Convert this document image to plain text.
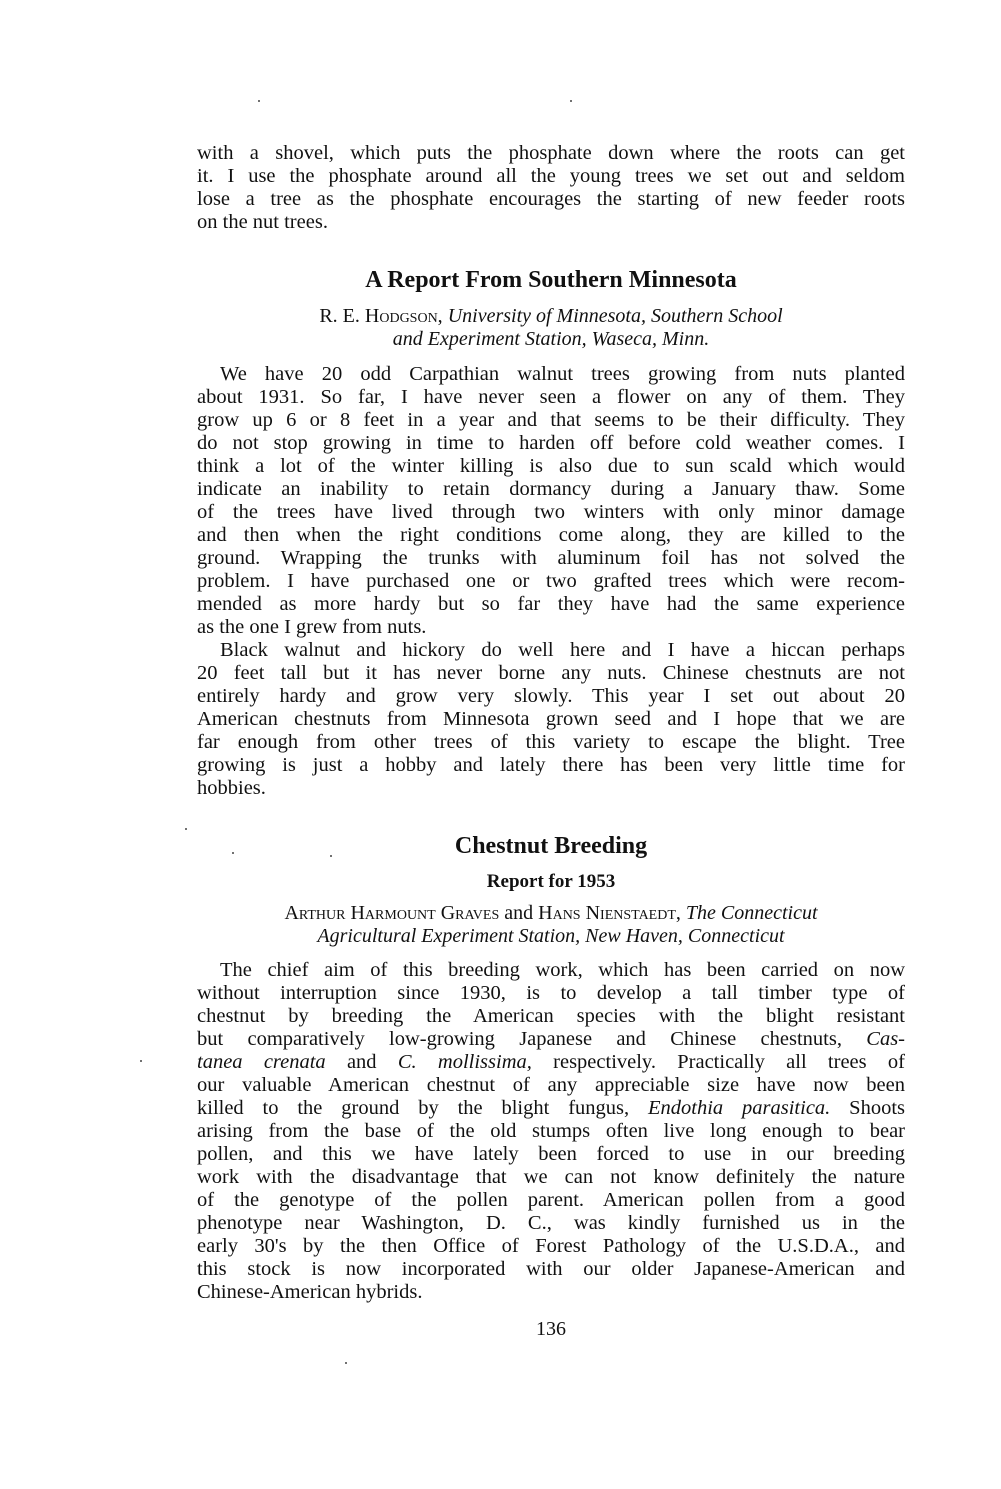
with a shovel, which puts the phosphate down where the roots can get
it. I use the phosphate around all the young trees we set out and seldom
lose a tree as the phosphate encourages the starting of new feeder roots
on the nut trees.
A Report From Southern Minnesota
R. E. Hodgson, University of Minnesota, Southern School
and Experiment Station, Waseca, Minn.
We have 20 odd Carpathian walnut trees growing from nuts planted
about 1931. So far, I have never seen a flower on any of them. They
grow up 6 or 8 feet in a year and that seems to be their difficulty. They
do not stop growing in time to harden off before cold weather comes. I
think a lot of the winter killing is also due to sun scald which would
indicate an inability to retain dormancy during a January thaw. Some
of the trees have lived through two winters with only minor damage
and then when the right conditions come along, they are killed to the
ground. Wrapping the trunks with aluminum foil has not solved the
problem. I have purchased one or two grafted trees which were recom-
mended as more hardy but so far they have had the same experience
as the one I grew from nuts.
Black walnut and hickory do well here and I have a hiccan perhaps
20 feet tall but it has never borne any nuts. Chinese chestnuts are not
entirely hardy and grow very slowly. This year I set out about 20
American chestnuts from Minnesota grown seed and I hope that we are
far enough from other trees of this variety to escape the blight. Tree
growing is just a hobby and lately there has been very little time for
hobbies.
Chestnut Breeding
Report for 1953
Arthur Harmount Graves and Hans Nienstaedt, The Connecticut
Agricultural Experiment Station, New Haven, Connecticut
The chief aim of this breeding work, which has been carried on now
without interruption since 1930, is to develop a tall timber type of
chestnut by breeding the American species with the blight resistant
but comparatively low-growing Japanese and Chinese chestnuts, Cas-
tanea crenata and C. mollissima, respectively. Practically all trees of
our valuable American chestnut of any appreciable size have now been
killed to the ground by the blight fungus, Endothia parasitica. Shoots
arising from the base of the old stumps often live long enough to bear
pollen, and this we have lately been forced to use in our breeding
work with the disadvantage that we can not know definitely the nature
of the genotype of the pollen parent. American pollen from a good
phenotype near Washington, D. C., was kindly furnished us in the
early 30's by the then Office of Forest Pathology of the U.S.D.A., and
this stock is now incorporated with our older Japanese-American and
Chinese-American hybrids.
136
